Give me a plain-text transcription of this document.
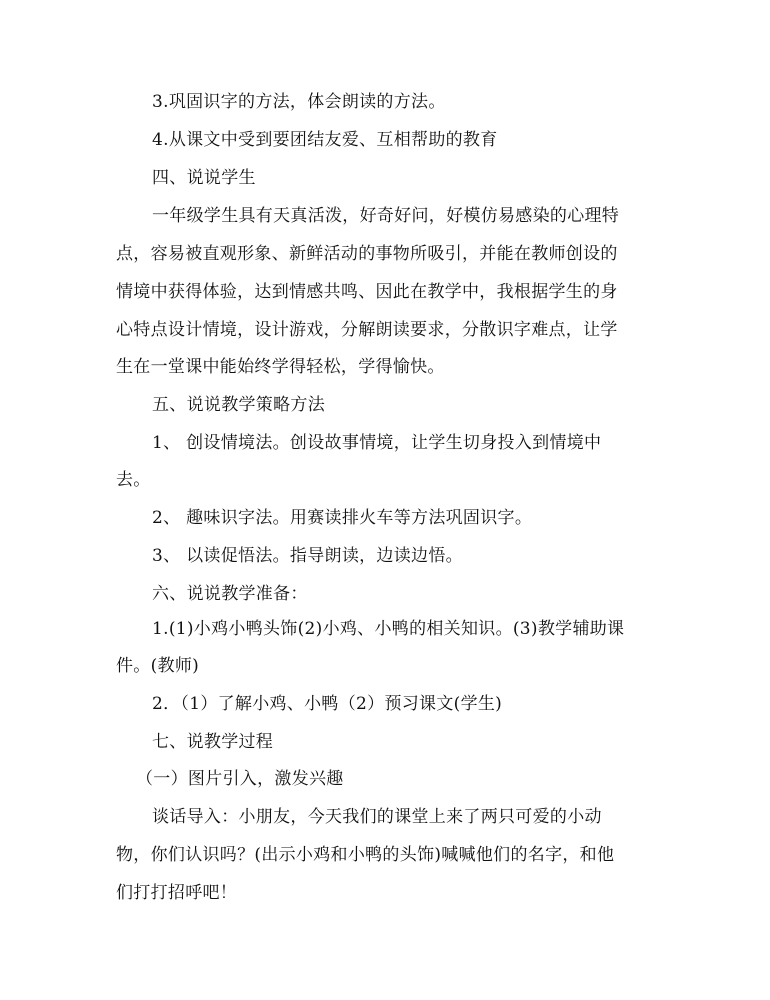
3.巩固识字的方法，体会朗读的方法。
4.从课文中受到要团结友爱、互相帮助的教育
四、说说学生
一年级学生具有天真活泼，好奇好问，好模仿易感染的心理特
点，容易被直观形象、新鲜活动的事物所吸引，并能在教师创设的
情境中获得体验，达到情感共鸣、因此在教学中，我根据学生的身
心特点设计情境，设计游戏，分解朗读要求，分散识字难点，让学
生在一堂课中能始终学得轻松，学得愉快。
五、说说教学策略方法
1、 创设情境法。创设故事情境，让学生切身投入到情境中
去。
2、 趣味识字法。用赛读排火车等方法巩固识字。
3、 以读促悟法。指导朗读，边读边悟。
六、说说教学准备：
1.(1)小鸡小鸭头饰(2)小鸡、小鸭的相关知识。(3)教学辅助课
件。(教师)
2．（1）了解小鸡、小鸭（2）预习课文(学生)
七、说教学过程
（一）图片引入，激发兴趣
谈话导入：小朋友，今天我们的课堂上来了两只可爱的小动
物，你们认识吗？(出示小鸡和小鸭的头饰)喊喊他们的名字，和他
们打打招呼吧！
